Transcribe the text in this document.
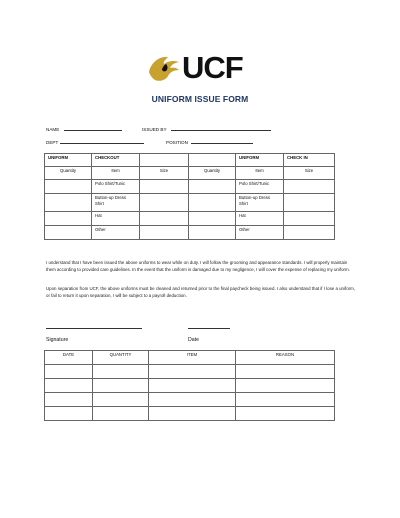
UCF
UNIFORM ISSUE FORM
NAME	ISSUED BY
DEPT	POSITION
UNIFORM	CHECKOUT			UNIFORM	CHECK IN
Quantity	Item	Size	Quantity	Item	Size
	Polo Shirt/Tunic			Polo Shirt/Tunic	
	Button-up Dress Shirt			Button-up Dress Shirt	
	Hat			Hat	
	Other			Other	
I understand that I have been issued the above uniforms to wear while on duty. I will follow the grooming and appearance standards. I will properly maintain them according to provided care guidelines. In the event that the uniform is damaged due to my negligence, I will cover the expense of replacing my uniform.
Upon separation from UCF, the above uniforms must be cleaned and returned prior to the final paycheck being issued. I also understand that if I lose a uniform, or fail to return it upon separation, I will be subject to a payroll deduction.
Signature	Date
DATE	QUANTITY	ITEM	REASON
